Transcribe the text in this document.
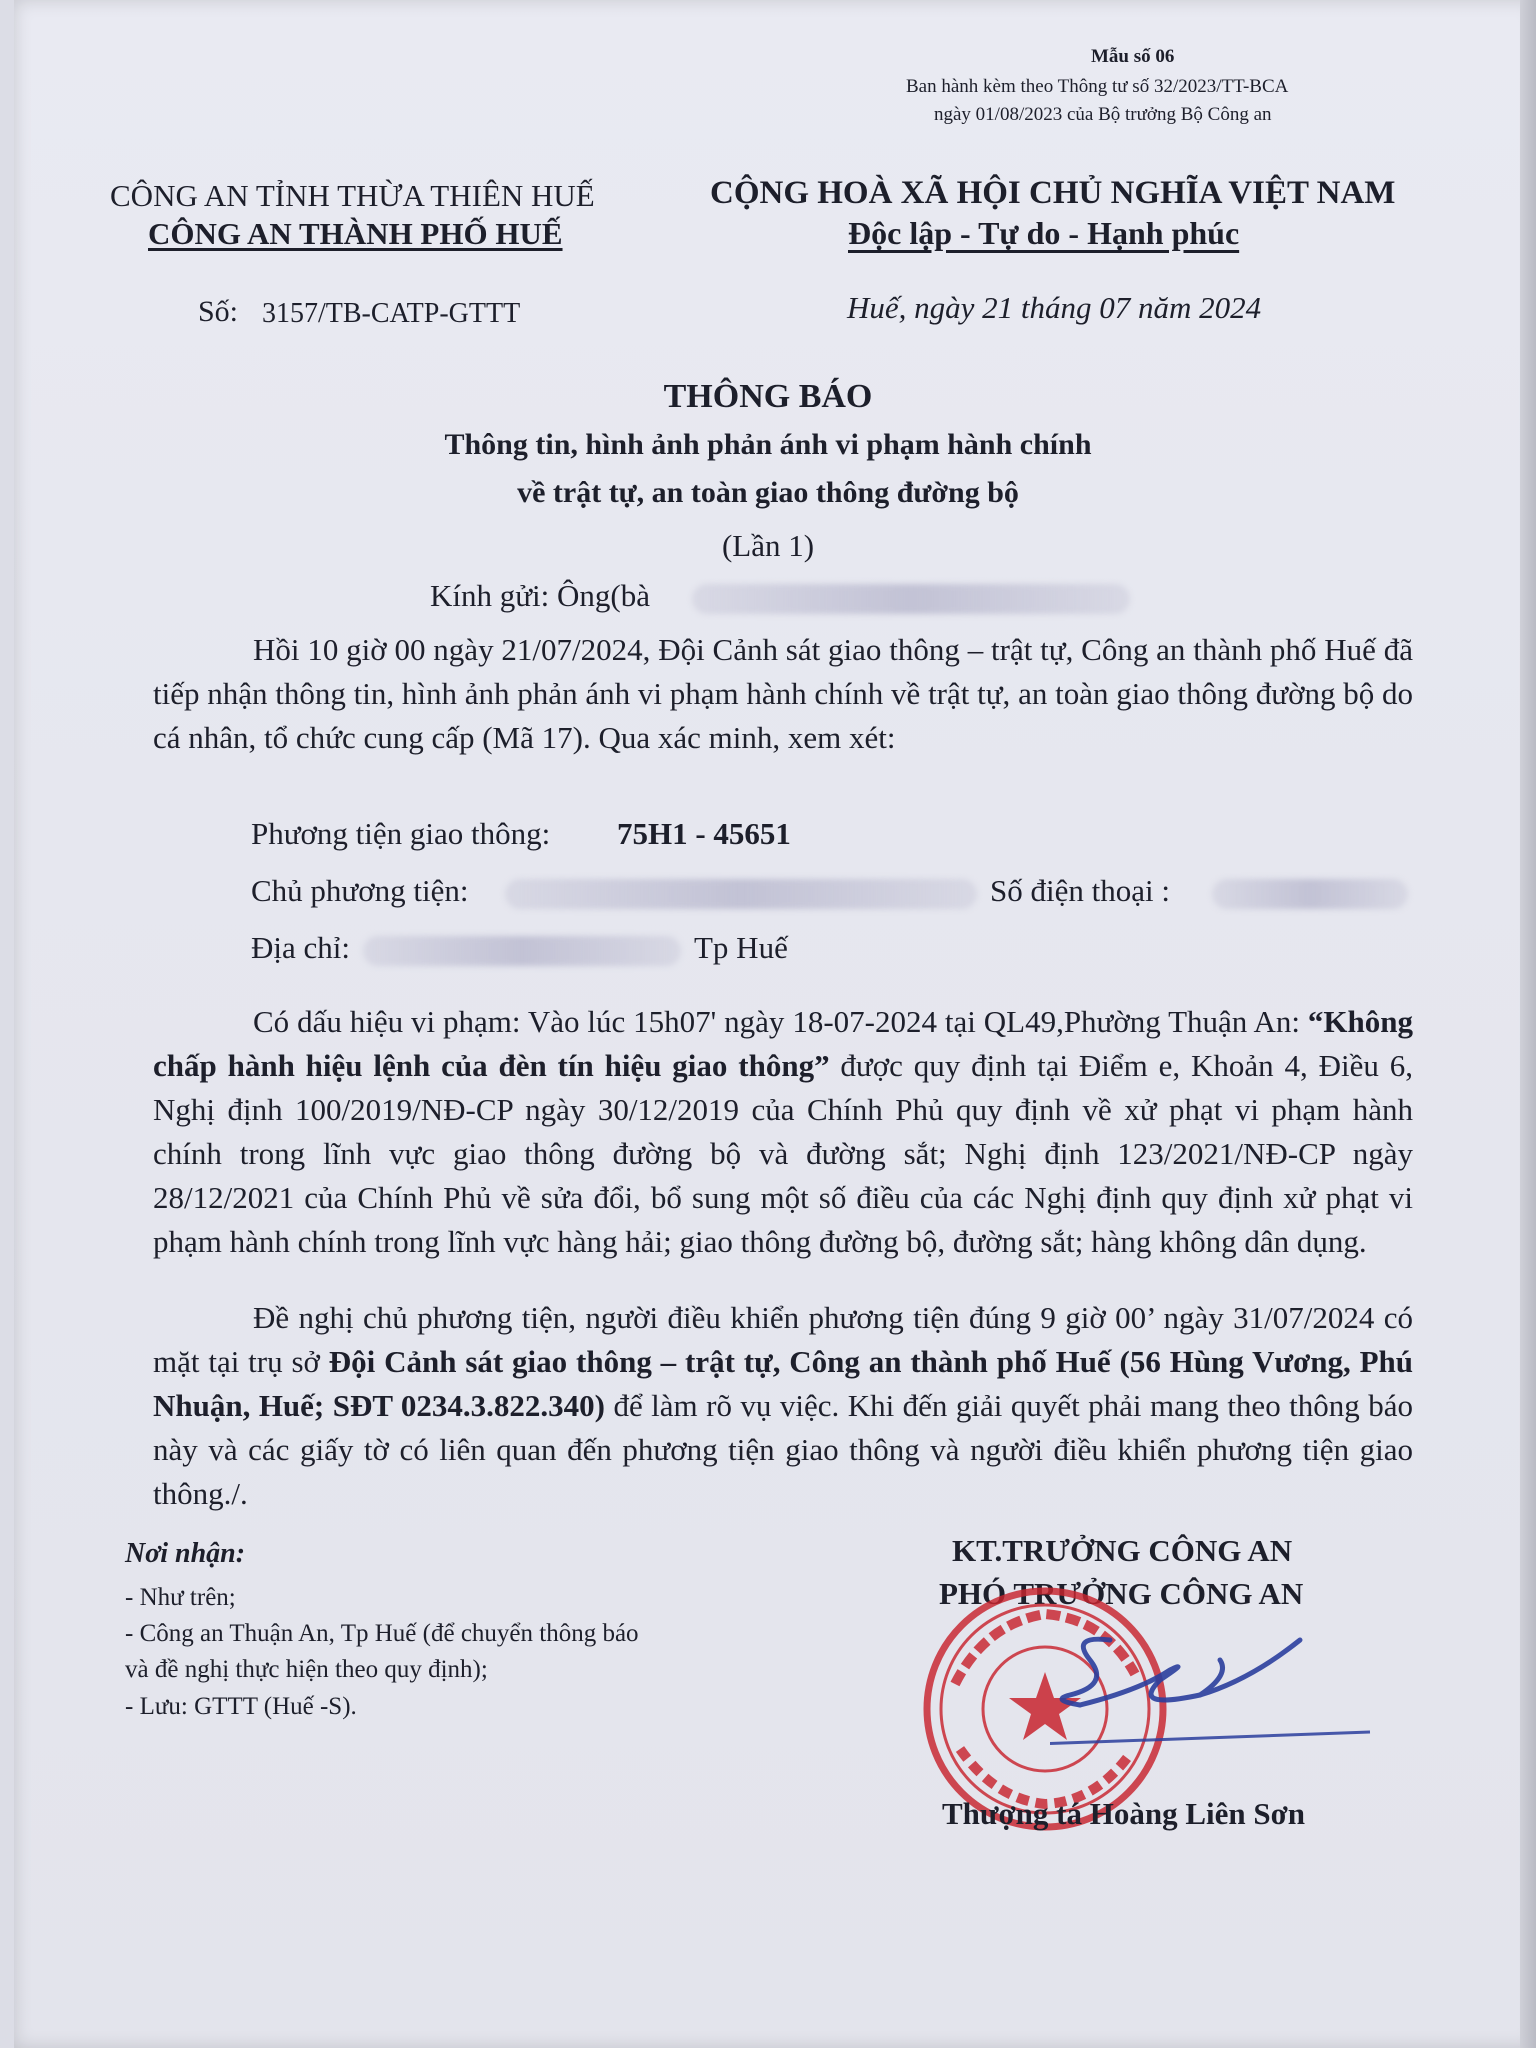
Mẫu số 06
Ban hành kèm theo Thông tư số 32/2023/TT-BCA
ngày 01/08/2023 của Bộ trưởng Bộ Công an
CÔNG AN TỈNH THỪA THIÊN HUẾ
CÔNG AN THÀNH PHỐ HUẾ
CỘNG HOÀ XÃ HỘI CHỦ NGHĨA VIỆT NAM
Độc lập - Tự do - Hạnh phúc
Số: 3157/TB-CATP-GTTT	Huế, ngày 21 tháng 07 năm 2024
THÔNG BÁO
Thông tin, hình ảnh phản ánh vi phạm hành chính
về trật tự, an toàn giao thông đường bộ
(Lần 1)
Kính gửi: Ông(bà
Hồi 10 giờ 00 ngày 21/07/2024, Đội Cảnh sát giao thông – trật tự, Công an thành phố Huế đã tiếp nhận thông tin, hình ảnh phản ánh vi phạm hành chính về trật tự, an toàn giao thông đường bộ do cá nhân, tổ chức cung cấp (Mã 17). Qua xác minh, xem xét:
Phương tiện giao thông: 75H1 - 45651
Chủ phương tiện:	Số điện thoại :
Địa chỉ:	Tp Huế
Có dấu hiệu vi phạm: Vào lúc 15h07' ngày 18-07-2024 tại QL49,Phường Thuận An: “Không chấp hành hiệu lệnh của đèn tín hiệu giao thông” được quy định tại Điểm e, Khoản 4, Điều 6, Nghị định 100/2019/NĐ-CP ngày 30/12/2019 của Chính Phủ quy định về xử phạt vi phạm hành chính trong lĩnh vực giao thông đường bộ và đường sắt; Nghị định 123/2021/NĐ-CP ngày 28/12/2021 của Chính Phủ về sửa đổi, bổ sung một số điều của các Nghị định quy định xử phạt vi phạm hành chính trong lĩnh vực hàng hải; giao thông đường bộ, đường sắt; hàng không dân dụng.
Đề nghị chủ phương tiện, người điều khiển phương tiện đúng 9 giờ 00’ ngày 31/07/2024 có mặt tại trụ sở Đội Cảnh sát giao thông – trật tự, Công an thành phố Huế (56 Hùng Vương, Phú Nhuận, Huế; SĐT 0234.3.822.340) để làm rõ vụ việc. Khi đến giải quyết phải mang theo thông báo này và các giấy tờ có liên quan đến phương tiện giao thông và người điều khiển phương tiện giao thông./.
Nơi nhận:
- Như trên;
- Công an Thuận An, Tp Huế (để chuyển thông báo
và đề nghị thực hiện theo quy định);
- Lưu: GTTT (Huế -S).
KT.TRƯỞNG CÔNG AN
PHÓ TRƯỞNG CÔNG AN
Thượng tá Hoàng Liên Sơn
